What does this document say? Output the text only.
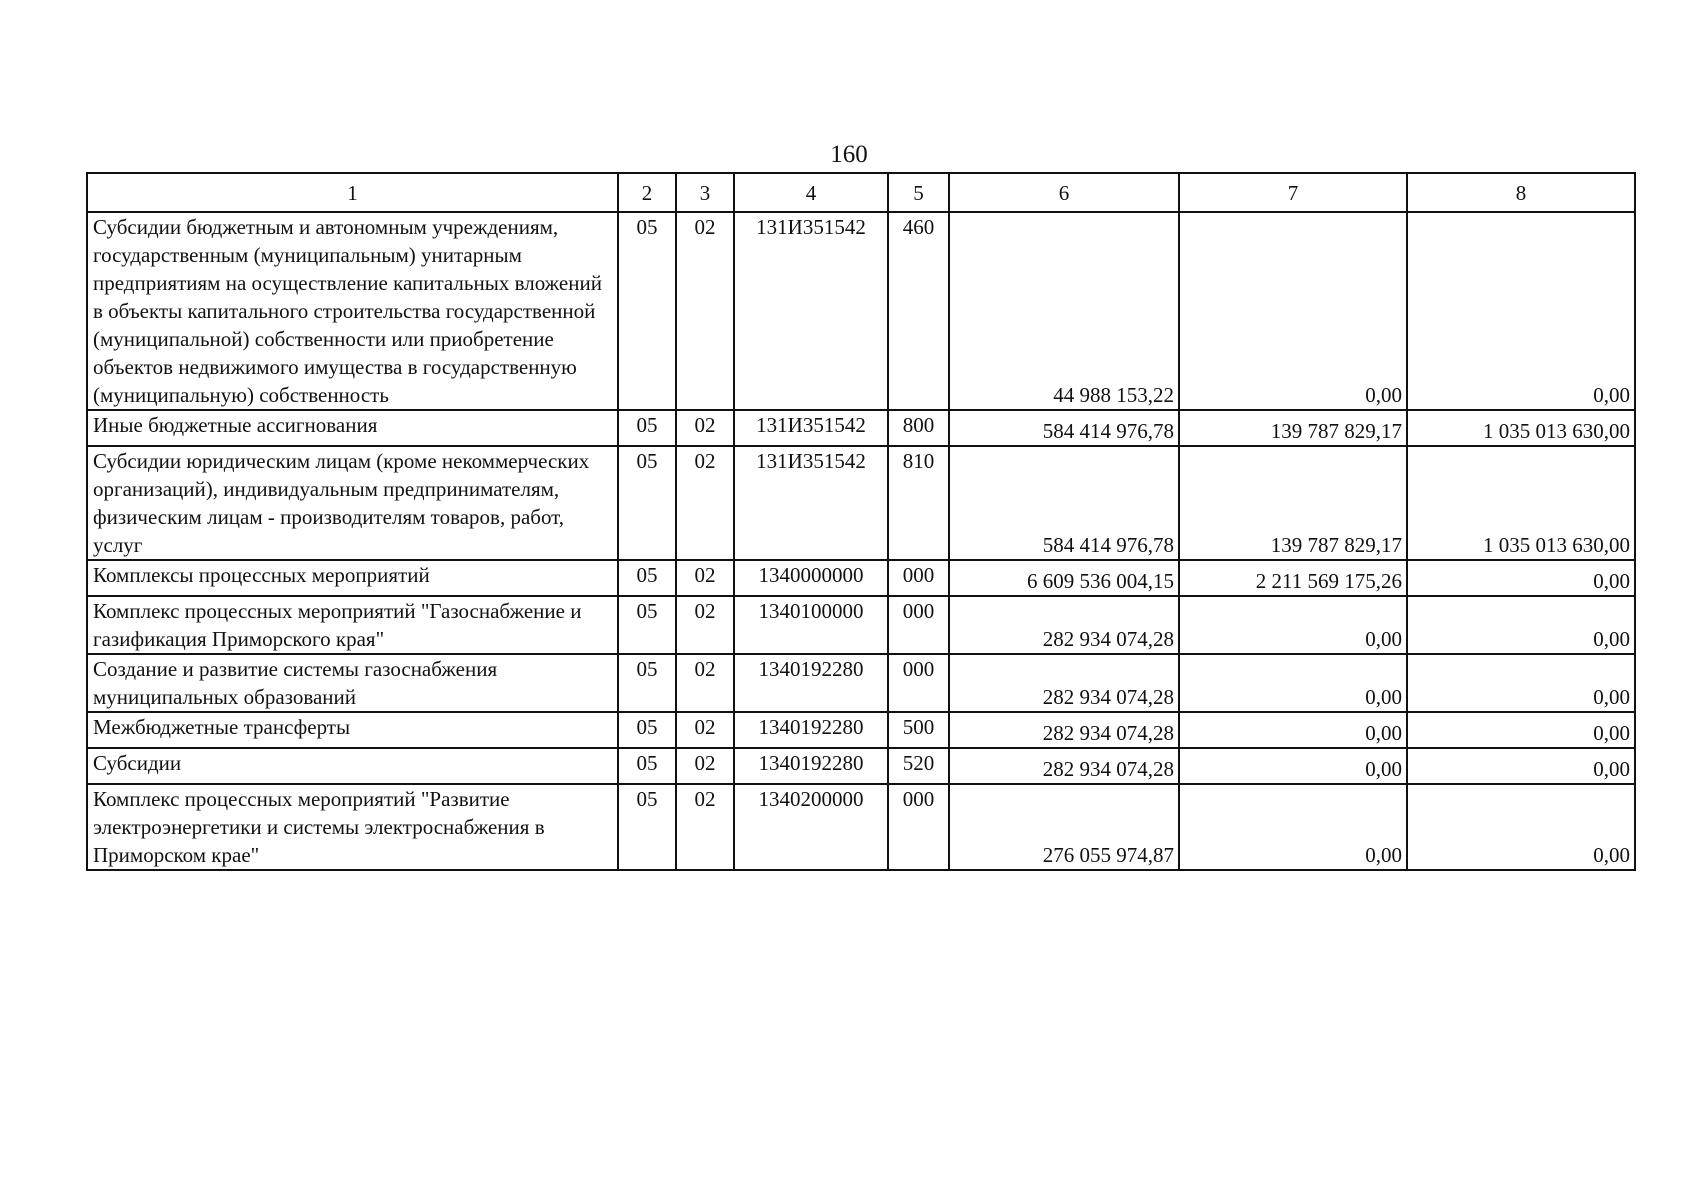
160
1	2	3	4	5	6	7	8
Субсидии бюджетным и автономным учреждениям, государственным (муниципальным) унитарным предприятиям на осуществление капитальных вложений в объекты капитального строительства государственной (муниципальной) собственности или приобретение объектов недвижимого имущества в государственную (муниципальную) собственность	05	02	131И351542	460	44 988 153,22	0,00	0,00
Иные бюджетные ассигнования	05	02	131И351542	800	584 414 976,78	139 787 829,17	1 035 013 630,00
Субсидии юридическим лицам (кроме некоммерческих организаций), индивидуальным предпринимателям, физическим лицам - производителям товаров, работ, услуг	05	02	131И351542	810	584 414 976,78	139 787 829,17	1 035 013 630,00
Комплексы процессных мероприятий	05	02	1340000000	000	6 609 536 004,15	2 211 569 175,26	0,00
Комплекс процессных мероприятий "Газоснабжение и газификация Приморского края"	05	02	1340100000	000	282 934 074,28	0,00	0,00
Создание и развитие системы газоснабжения муниципальных образований	05	02	1340192280	000	282 934 074,28	0,00	0,00
Межбюджетные трансферты	05	02	1340192280	500	282 934 074,28	0,00	0,00
Субсидии	05	02	1340192280	520	282 934 074,28	0,00	0,00
Комплекс процессных мероприятий "Развитие электроэнергетики и системы электроснабжения в Приморском крае"	05	02	1340200000	000	276 055 974,87	0,00	0,00
